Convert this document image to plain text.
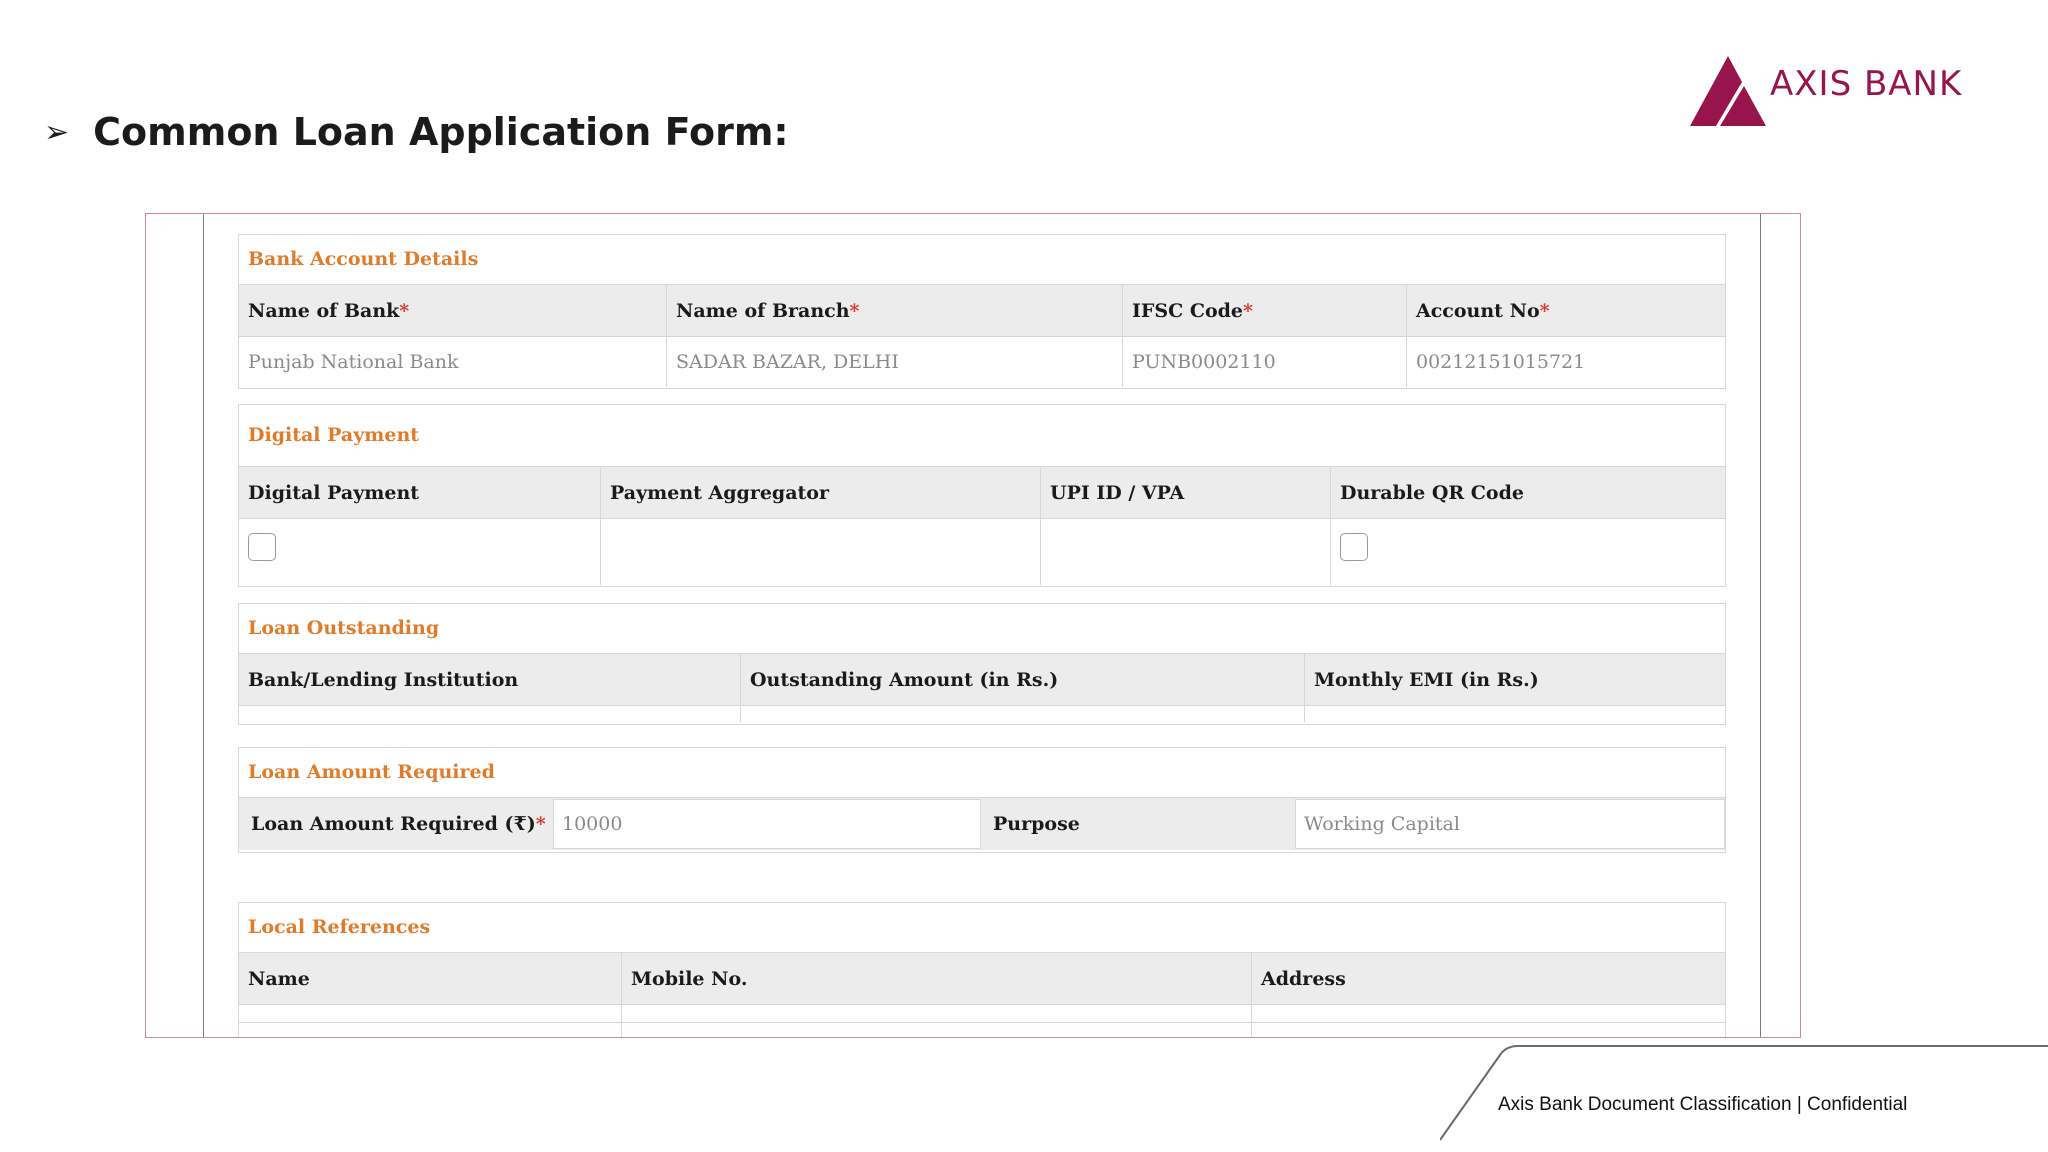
➢ Common Loan Application Form:
AXIS BANK
Bank Account Details
Name of Bank *	Name of Branch *	IFSC Code *	Account No *
Punjab National Bank	SADAR BAZAR, DELHI	PUNB0002110	00212151015721
Digital Payment
Digital Payment	Payment Aggregator	UPI ID / VPA	Durable QR Code
Loan Outstanding
Bank/Lending Institution	Outstanding Amount (in Rs.)	Monthly EMI (in Rs.)
Loan Amount Required
Loan Amount Required (₹) * 10000	Purpose	Working Capital
Local References
Name	Mobile No.	Address
Axis Bank Document Classification | Confidential
